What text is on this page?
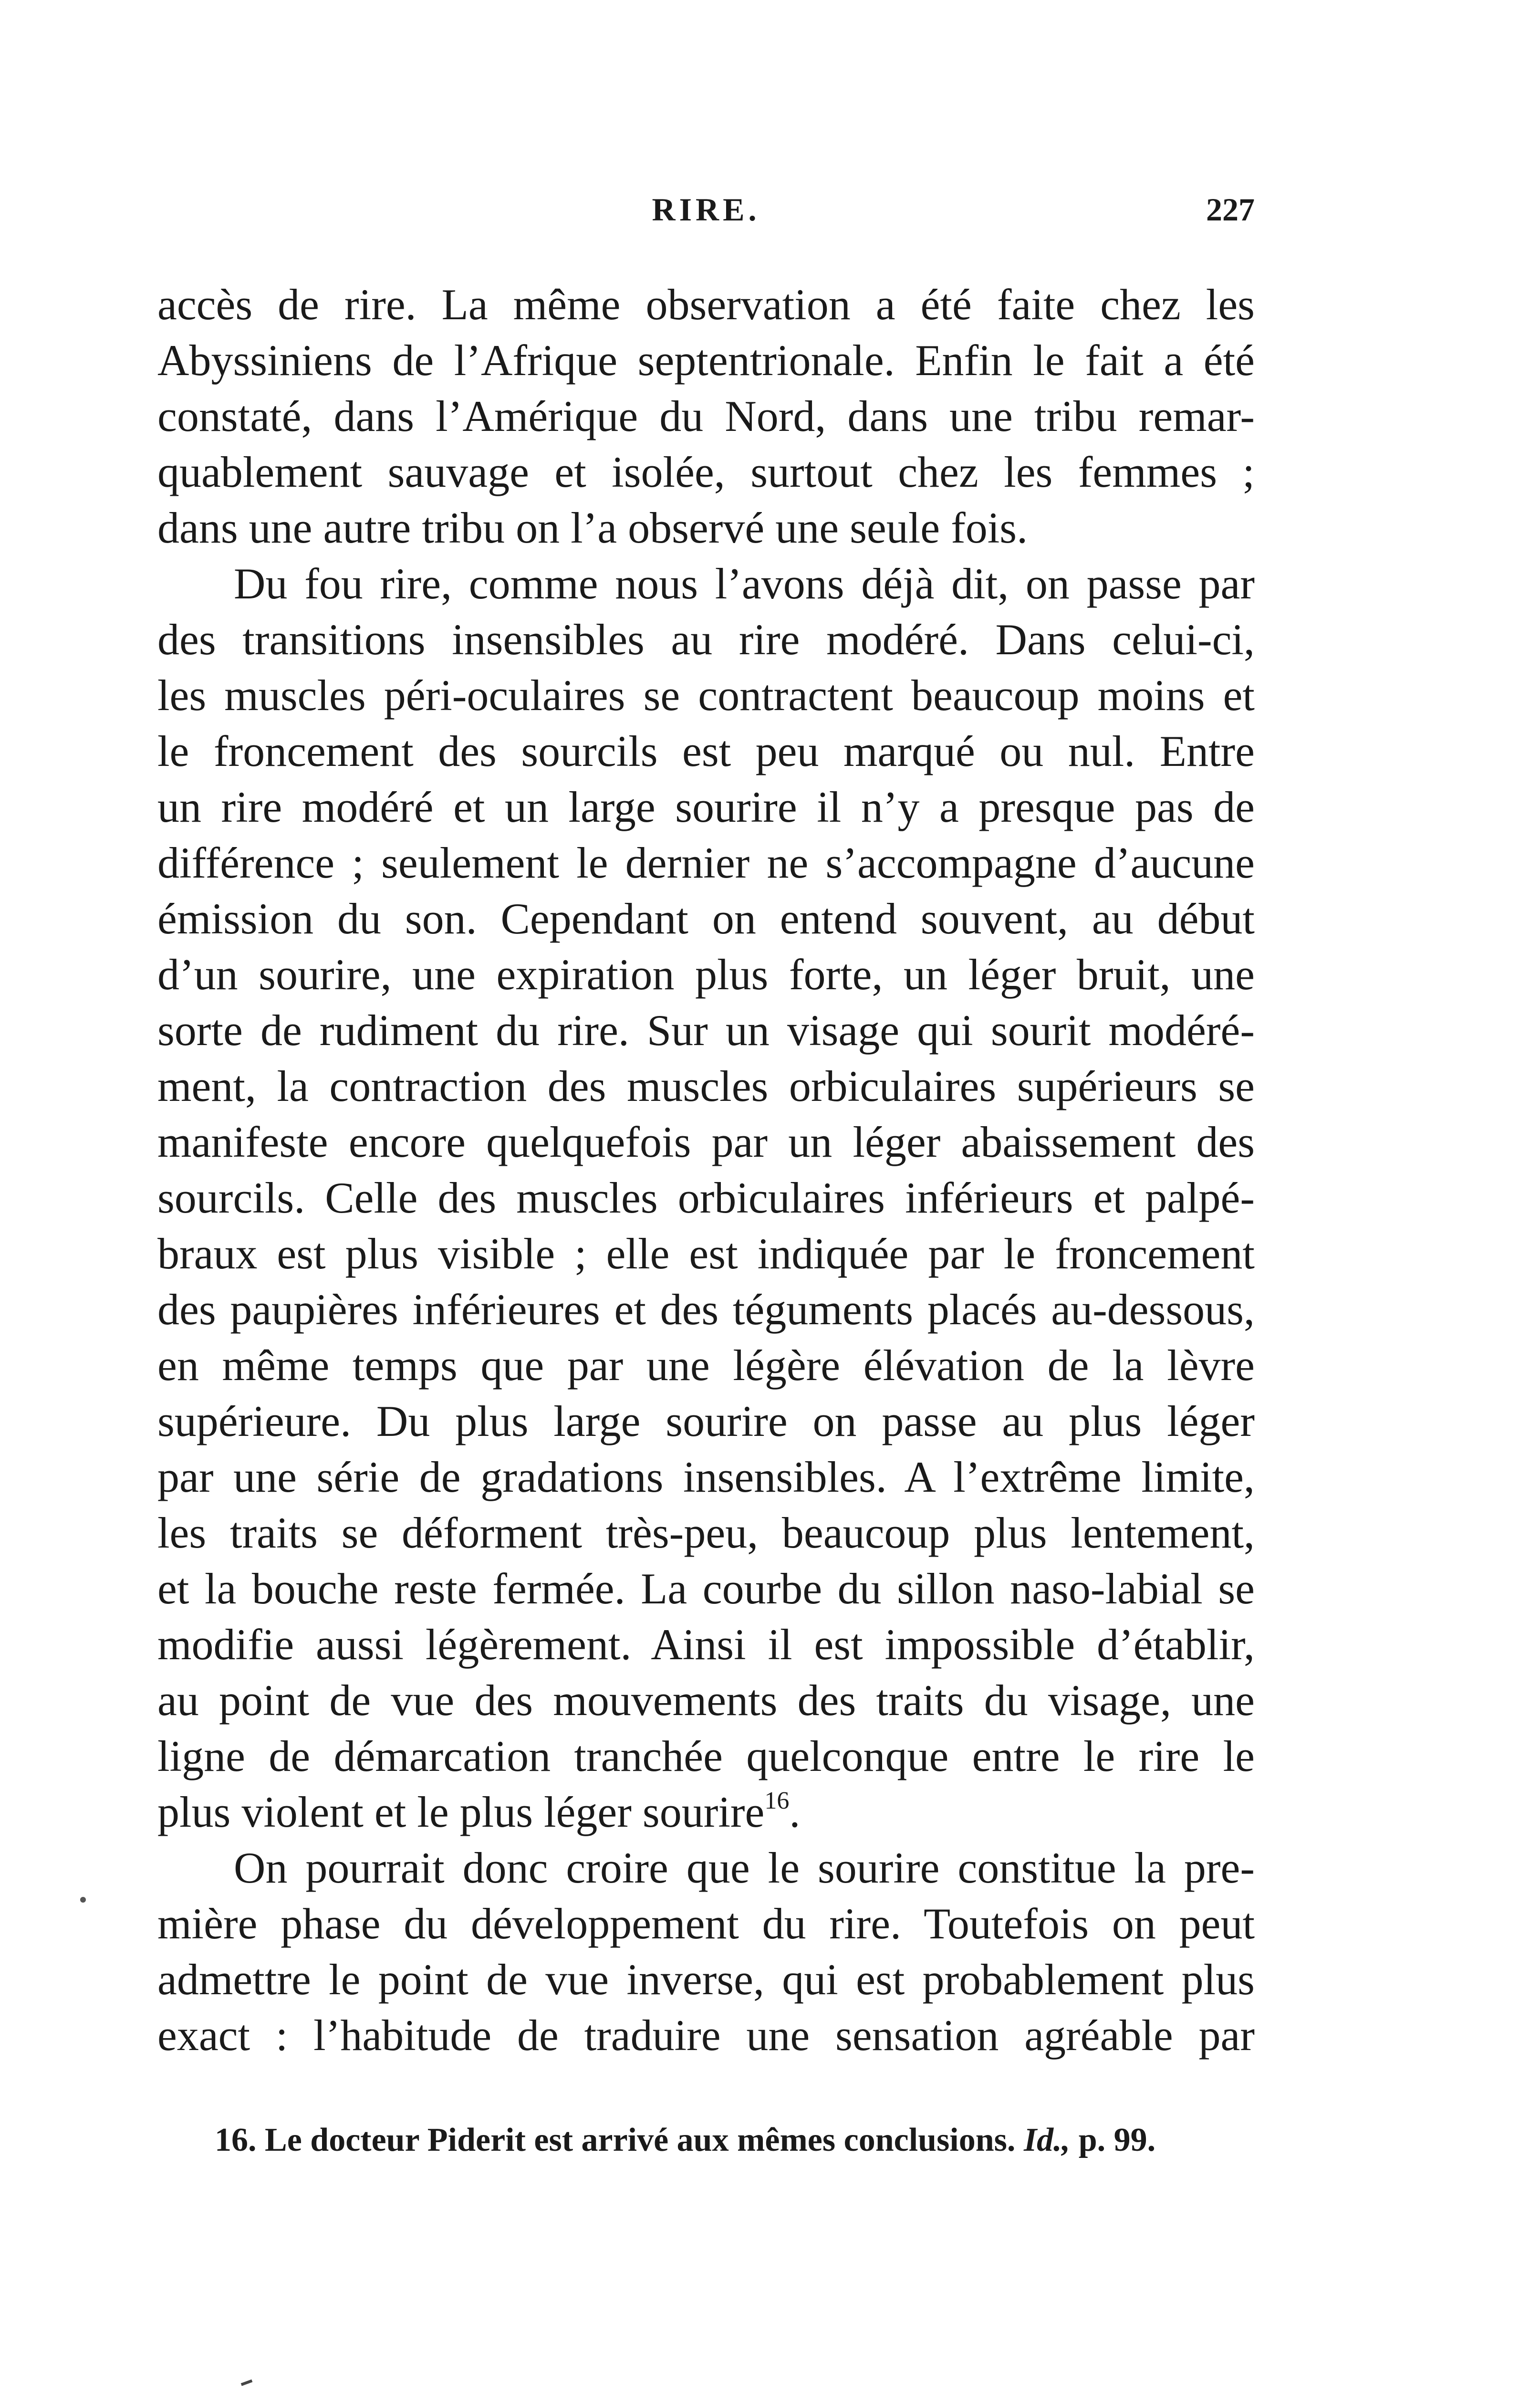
RIRE.	227
accès de rire. La même observation a été faite chez les
Abyssiniens de l’Afrique septentrionale. Enfin le fait a été
constaté, dans l’Amérique du Nord, dans une tribu remar-
quablement sauvage et isolée, surtout chez les femmes ;
dans une autre tribu on l’a observé une seule fois.
Du fou rire, comme nous l’avons déjà dit, on passe par
des transitions insensibles au rire modéré. Dans celui-ci,
les muscles péri-oculaires se contractent beaucoup moins et
le froncement des sourcils est peu marqué ou nul. Entre
un rire modéré et un large sourire il n’y a presque pas de
différence ; seulement le dernier ne s’accompagne d’aucune
émission du son. Cependant on entend souvent, au début
d’un sourire, une expiration plus forte, un léger bruit, une
sorte de rudiment du rire. Sur un visage qui sourit modéré-
ment, la contraction des muscles orbiculaires supérieurs se
manifeste encore quelquefois par un léger abaissement des
sourcils. Celle des muscles orbiculaires inférieurs et palpé-
braux est plus visible ; elle est indiquée par le froncement
des paupières inférieures et des téguments placés au-dessous,
en même temps que par une légère élévation de la lèvre
supérieure. Du plus large sourire on passe au plus léger
par une série de gradations insensibles. A l’extrême limite,
les traits se déforment très-peu, beaucoup plus lentement,
et la bouche reste fermée. La courbe du sillon naso-labial se
modifie aussi légèrement. Ainsi il est impossible d’établir,
au point de vue des mouvements des traits du visage, une
ligne de démarcation tranchée quelconque entre le rire le
plus violent et le plus léger sourire$^{16}$.
On pourrait donc croire que le sourire constitue la pre-
mière phase du développement du rire. Toutefois on peut
admettre le point de vue inverse, qui est probablement plus
exact : l’habitude de traduire une sensation agréable par
16. Le docteur Piderit est arrivé aux mêmes conclusions. Id., p. 99.
